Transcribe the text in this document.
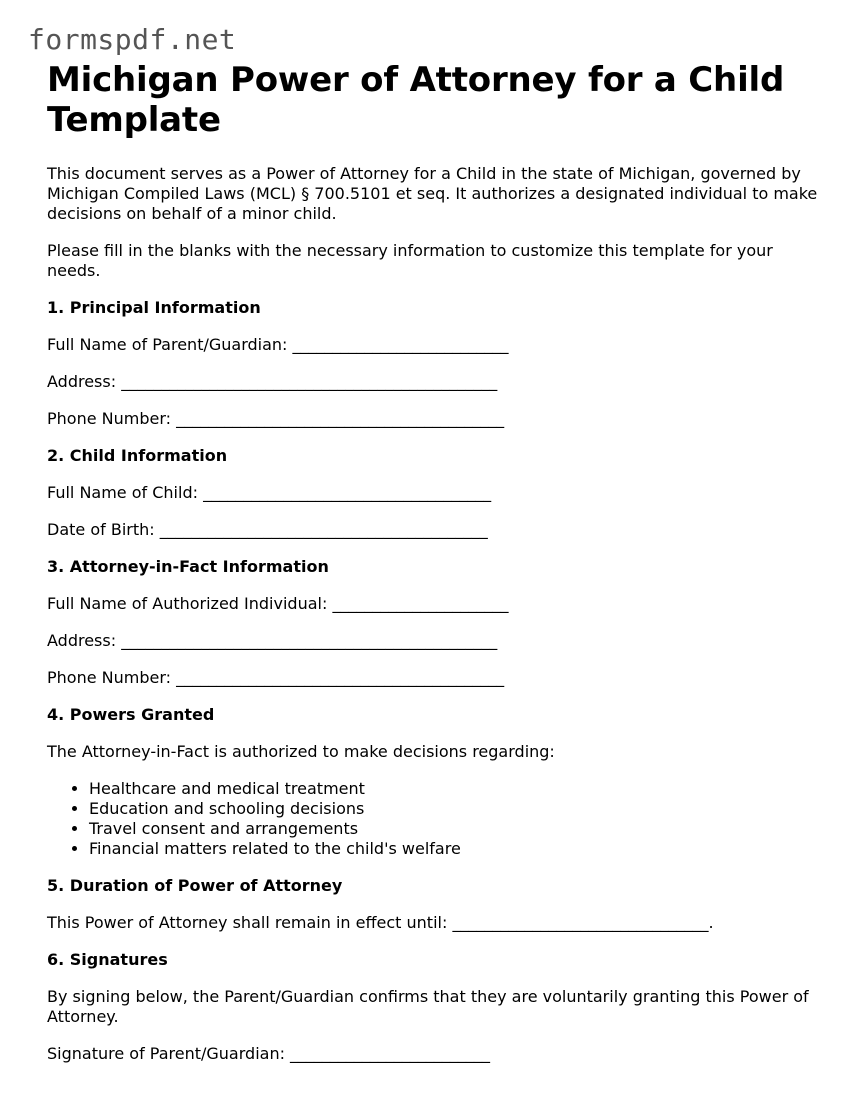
formspdf.net
Michigan Power of Attorney for a Child Template

This document serves as a Power of Attorney for a Child in the state of Michigan, governed by Michigan Compiled Laws (MCL) § 700.5101 et seq. It authorizes a designated individual to make decisions on behalf of a minor child.

Please fill in the blanks with the necessary information to customize this template for your needs.

1. Principal Information

Full Name of Parent/Guardian: ___________________________

Address: _______________________________________________

Phone Number: _________________________________________

2. Child Information

Full Name of Child: ____________________________________

Date of Birth: _________________________________________

3. Attorney-in-Fact Information

Full Name of Authorized Individual: ______________________

Address: _______________________________________________

Phone Number: _________________________________________

4. Powers Granted

The Attorney-in-Fact is authorized to make decisions regarding:

• Healthcare and medical treatment
• Education and schooling decisions
• Travel consent and arrangements
• Financial matters related to the child's welfare
5. Duration of Power of Attorney

This Power of Attorney shall remain in effect until: ________________________________.

6. Signatures

By signing below, the Parent/Guardian confirms that they are voluntarily granting this Power of Attorney.

Signature of Parent/Guardian: _________________________
